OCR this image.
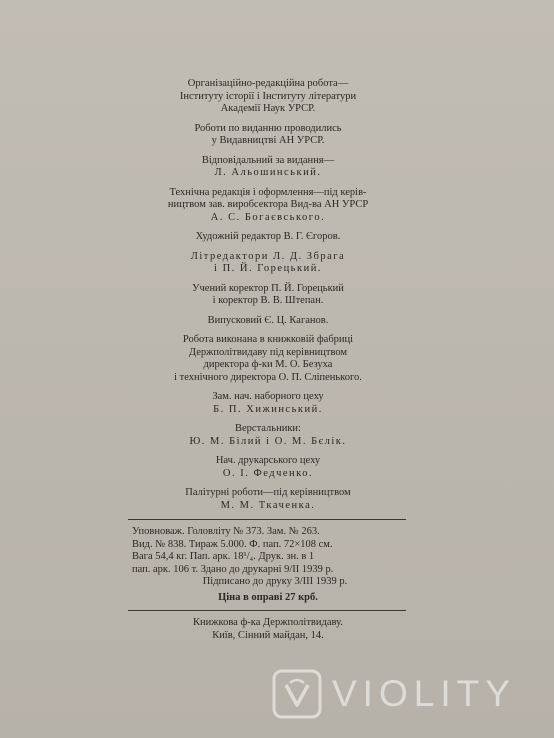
Організаційно-редакційна робота—
Інституту історії і Інституту літератури
Академії Наук УРСР.
Роботи по виданню проводились
у Видавництві АН УРСР.
Відповідальний за видання—
Л. Альошинський.
Технічна редакція і оформлення—під керів-
ництвом зав. виробсектора Вид-ва АН УРСР
А. С. Богаєвського.
Художній редактор В. Г. Єгоров.
Літредактори Л. Д. Збрага
і П. Й. Горецький.
Учений коректор П. Й. Горецький
і коректор В. В. Штепан.
Випусковий Є. Ц. Каганов.
Робота виконана в книжковій фабриці
Держполітвидаву під керівництвом
директора ф-ки М. О. Безуха
і технічного директора О. П. Сліпенького.
Зам. нач. наборного цеху
Б. П. Хижинський.
Верстальники:
Ю. М. Білий і О. М. Бєлік.
Нач. друкарського цеху
О. І. Федченко.
Палітурні роботи—під керівництвом
М. М. Ткаченка.
Уповноваж. Головліту № 373. Зам. № 263.
Вид. № 838. Тираж 5.000. Ф. пап. 72×108 см.
Вага 54,4 кг. Пап. арк. 18¹/₄. Друк. зн. в 1
пап. арк. 106 т. Здано до друкарні 9/ІІ 1939 р.
Підписано до друку 3/ІІІ 1939 р.
Ціна в оправі 27 крб.
Книжкова ф-ка Держполітвидаву.
Київ, Сінний майдан, 14.
VIOLITY
